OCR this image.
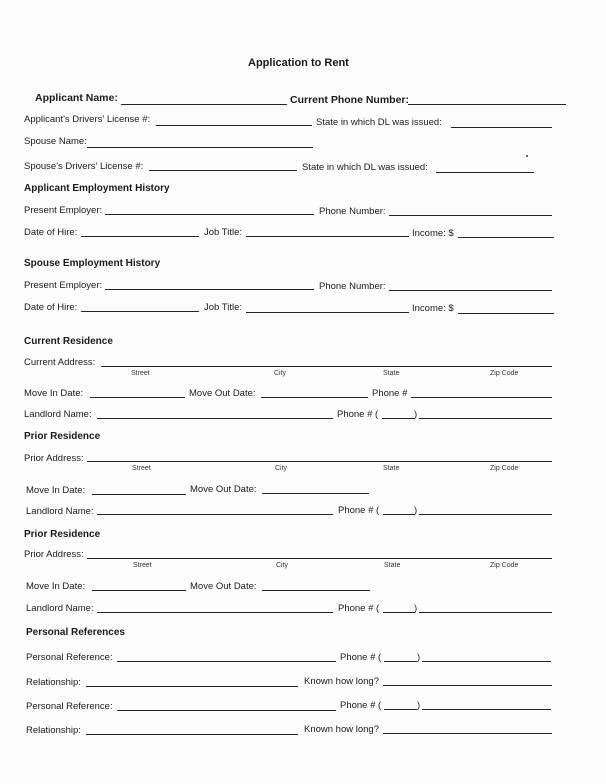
Application to Rent
Applicant Name:	Current Phone Number:
Applicant's Drivers' License #:	State in which DL was issued:
Spouse Name:
Spouse's Drivers' License #:	State in which DL was issued:
Applicant Employment History
Present Employer:	Phone Number:
Date of Hire:	Job Title:	Income: $
Spouse Employment History
Present Employer:	Phone Number:
Date of Hire:	Job Title:	Income: $
Current Residence
Current Address:
Street	City	State	Zip Code
Move In Date:	Move Out Date:	Phone #
Landlord Name:	Phone # (	)
Prior Residence
Prior Address:
Street	City	State	Zip Code
Move In Date:	Move Out Date:
Landlord Name:	Phone # (	)
Prior Residence
Prior Address:
Street	City	State	Zip Code
Move In Date:	Move Out Date:
Landlord Name:	Phone # (	)
Personal References
Personal Reference:	Phone # (	)
Relationship:	Known how long?
Personal Reference:	Phone # (	)
Relationship:	Known how long?
